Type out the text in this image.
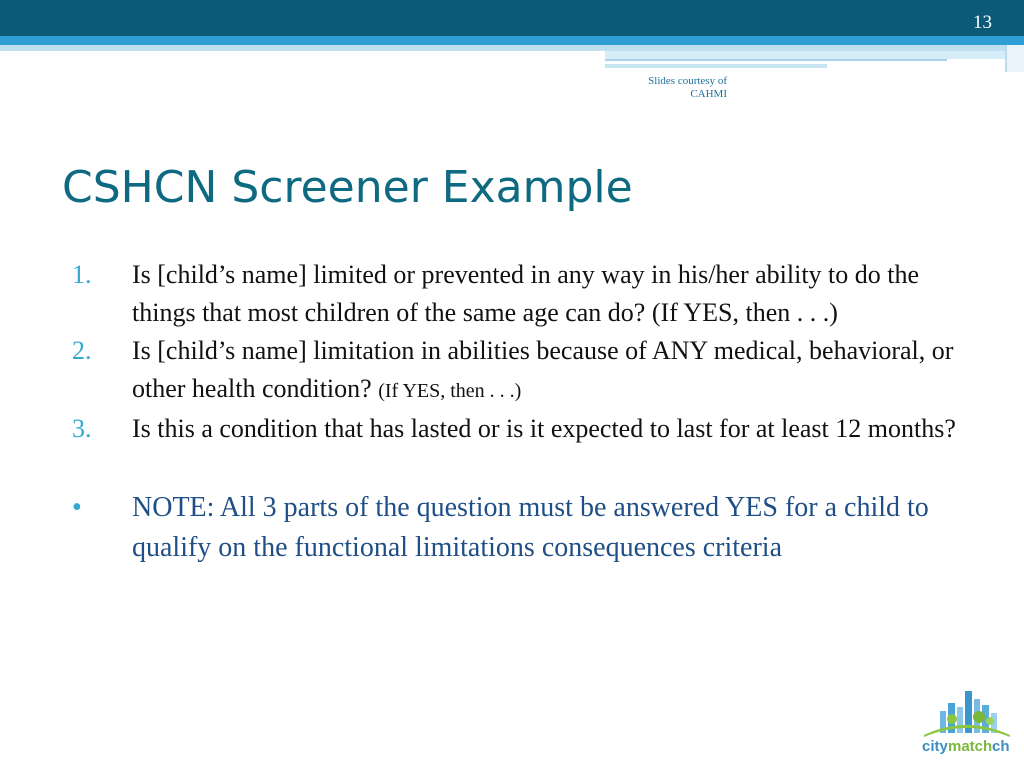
13
Slides courtesy of
CAHMI
CSHCN Screener Example
1.	Is [child’s name] limited or prevented in any way in his/her ability to do the things that most children of the same age can do? (If YES, then . . .)
2.	Is [child’s name] limitation in abilities because of ANY medical, behavioral, or other health condition? (If YES, then . . .)
3.	Is this a condition that has lasted or is it expected to last for at least 12 months?
•	NOTE: All 3 parts of the question must be answered YES for a child to qualify on the functional limitations consequences criteria
city match ch
